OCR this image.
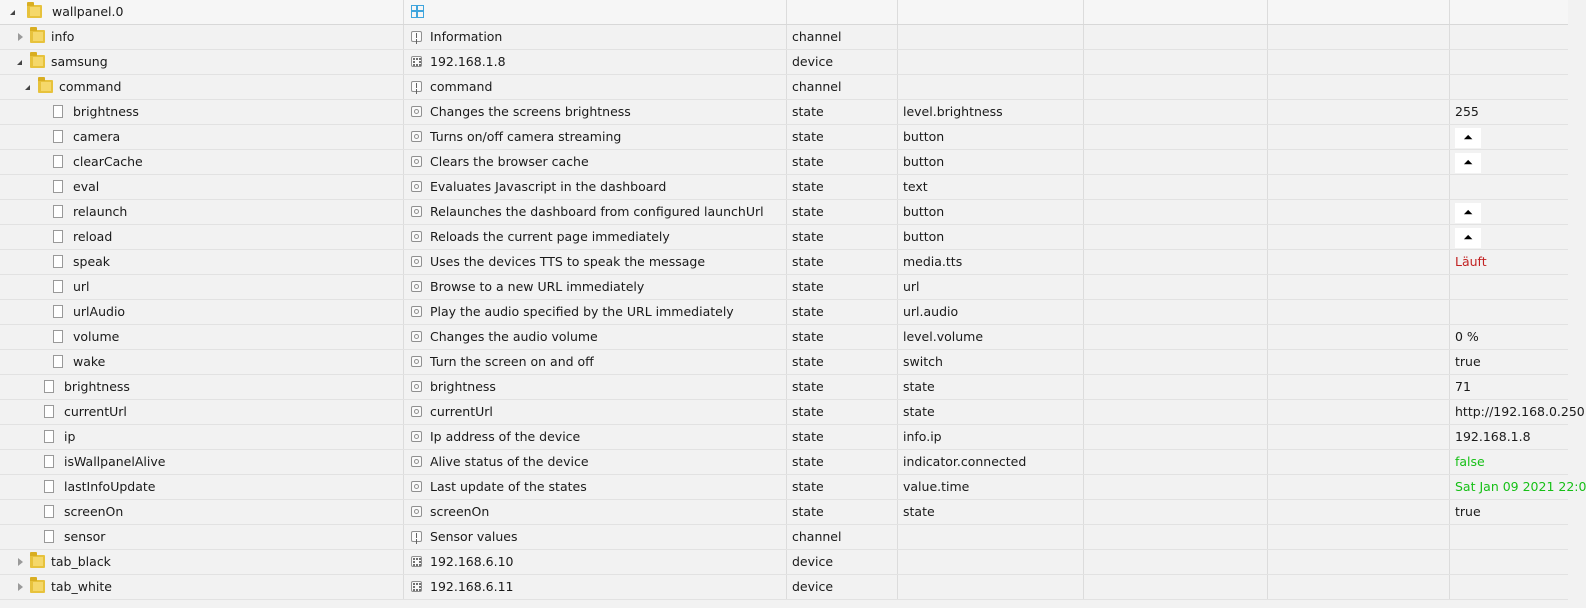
wallpanel.0
info	Information	channel
samsung	192.168.1.8	device
command	command	channel
brightness	Changes the screens brightness	state	level.brightness	255
camera	Turns on/off camera streaming	state	button	⏶
clearCache	Clears the browser cache	state	button	⏶
eval	Evaluates Javascript in the dashboard	state	text
relaunch	Relaunches the dashboard from configured launchUrl	state	button	⏶
reload	Reloads the current page immediately	state	button	⏶
speak	Uses the devices TTS to speak the message	state	media.tts	Läuft
url	Browse to a new URL immediately	state	url
urlAudio	Play the audio specified by the URL immediately	state	url.audio
volume	Changes the audio volume	state	level.volume	0 %
wake	Turn the screen on and off	state	switch	true
brightness	brightness	state	state	71
currentUrl	currentUrl	state	state	http://192.168.0.250
ip	Ip address of the device	state	info.ip	192.168.1.8
isWallpanelAlive	Alive status of the device	state	indicator.connected	false
lastInfoUpdate	Last update of the states	state	value.time	Sat Jan 09 2021 22:0
screenOn	screenOn	state	state	true
sensor	Sensor values	channel
tab_black	192.168.6.10	device
tab_white	192.168.6.11	device
